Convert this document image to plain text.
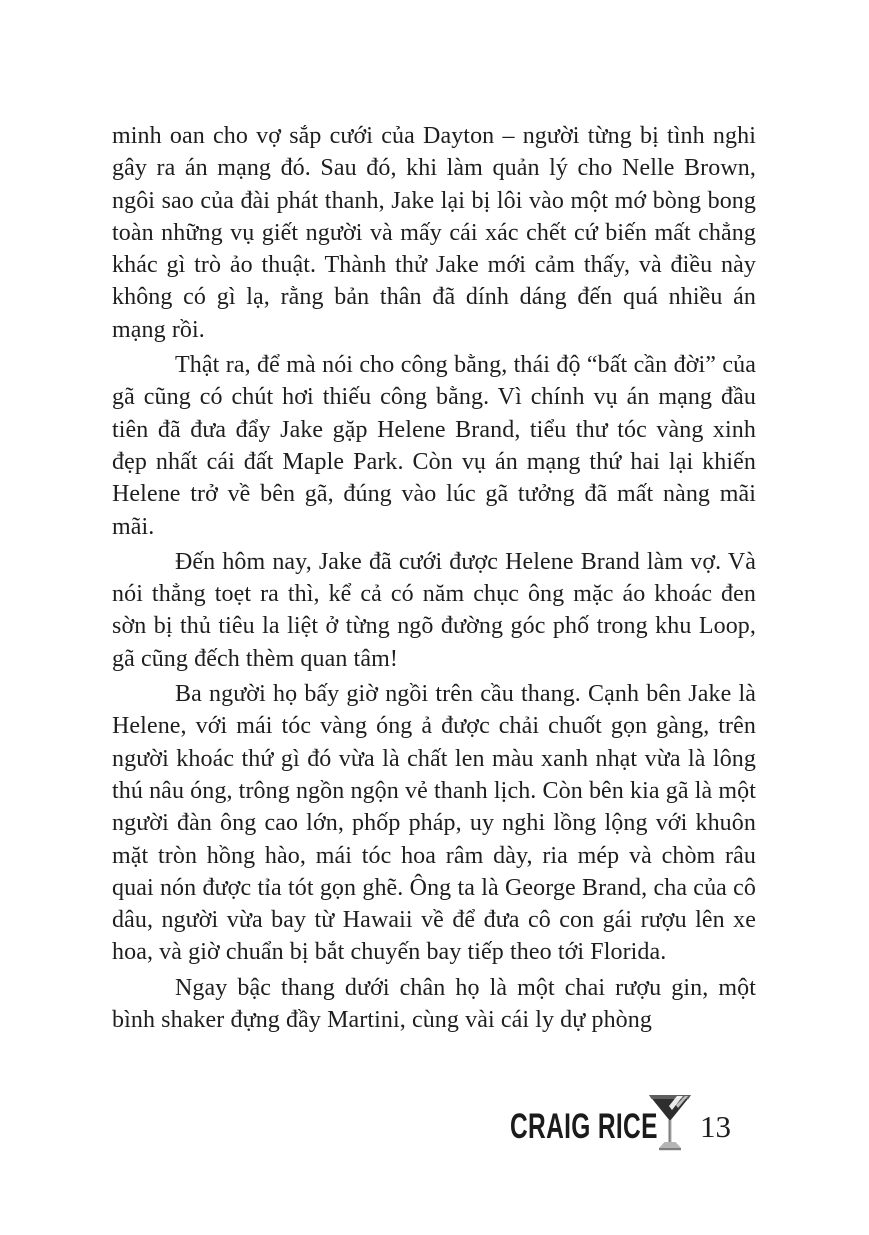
minh oan cho vợ sắp cưới của Dayton – người từng bị tình nghi gây ra án mạng đó. Sau đó, khi làm quản lý cho Nelle Brown, ngôi sao của đài phát thanh, Jake lại bị lôi vào một mớ bòng bong toàn những vụ giết người và mấy cái xác chết cứ biến mất chẳng khác gì trò ảo thuật. Thành thử Jake mới cảm thấy, và điều này không có gì lạ, rằng bản thân đã dính dáng đến quá nhiều án mạng rồi.

Thật ra, để mà nói cho công bằng, thái độ “bất cần đời” của gã cũng có chút hơi thiếu công bằng. Vì chính vụ án mạng đầu tiên đã đưa đẩy Jake gặp Helene Brand, tiểu thư tóc vàng xinh đẹp nhất cái đất Maple Park. Còn vụ án mạng thứ hai lại khiến Helene trở về bên gã, đúng vào lúc gã tưởng đã mất nàng mãi mãi.

Đến hôm nay, Jake đã cưới được Helene Brand làm vợ. Và nói thẳng toẹt ra thì, kể cả có năm chục ông mặc áo khoác đen sờn bị thủ tiêu la liệt ở từng ngõ đường góc phố trong khu Loop, gã cũng đếch thèm quan tâm!

Ba người họ bấy giờ ngồi trên cầu thang. Cạnh bên Jake là Helene, với mái tóc vàng óng ả được chải chuốt gọn gàng, trên người khoác thứ gì đó vừa là chất len màu xanh nhạt vừa là lông thú nâu óng, trông ngồn ngộn vẻ thanh lịch. Còn bên kia gã là một người đàn ông cao lớn, phốp pháp, uy nghi lồng lộng với khuôn mặt tròn hồng hào, mái tóc hoa râm dày, ria mép và chòm râu quai nón được tỉa tót gọn ghẽ. Ông ta là George Brand, cha của cô dâu, người vừa bay từ Hawaii về để đưa cô con gái rượu lên xe hoa, và giờ chuẩn bị bắt chuyến bay tiếp theo tới Florida.

Ngay bậc thang dưới chân họ là một chai rượu gin, một bình shaker đựng đầy Martini, cùng vài cái ly dự phòng

CRAIG RICE 13
